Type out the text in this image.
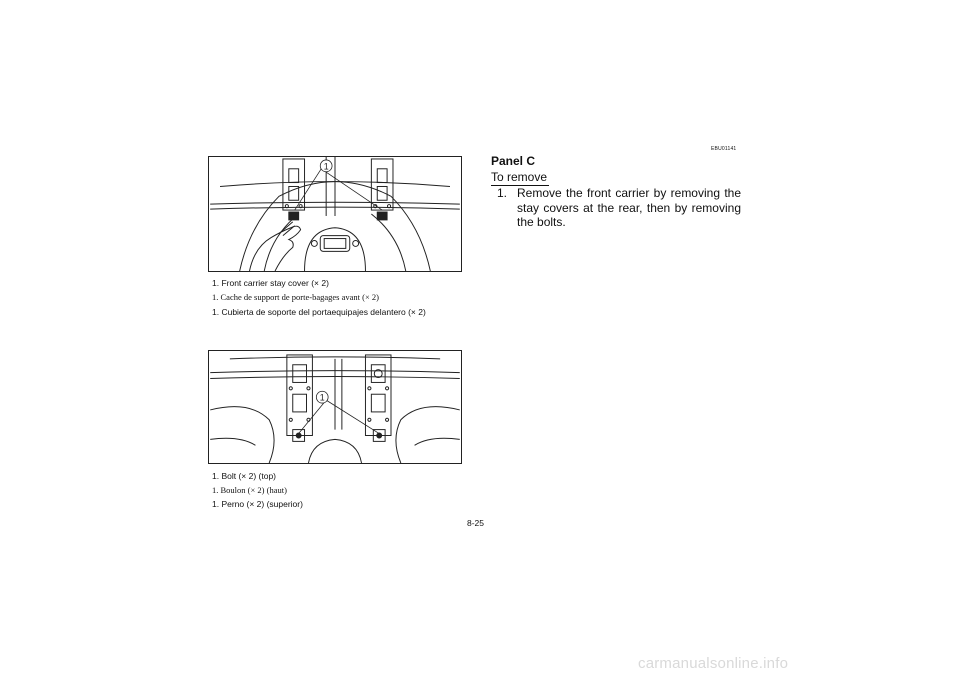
1
1. Front carrier stay cover (× 2)
1. Cache de support de porte-bagages avant (× 2)
1. Cubierta de soporte del portaequipajes delantero (× 2)
1
1. Bolt (× 2) (top)
1. Boulon (× 2) (haut)
1. Perno (× 2) (superior)
EBU01141
Panel C
To remove
1. Remove the front carrier by removing the stay covers at the rear, then by removing the bolts.
8-25
carmanualsonline.info
